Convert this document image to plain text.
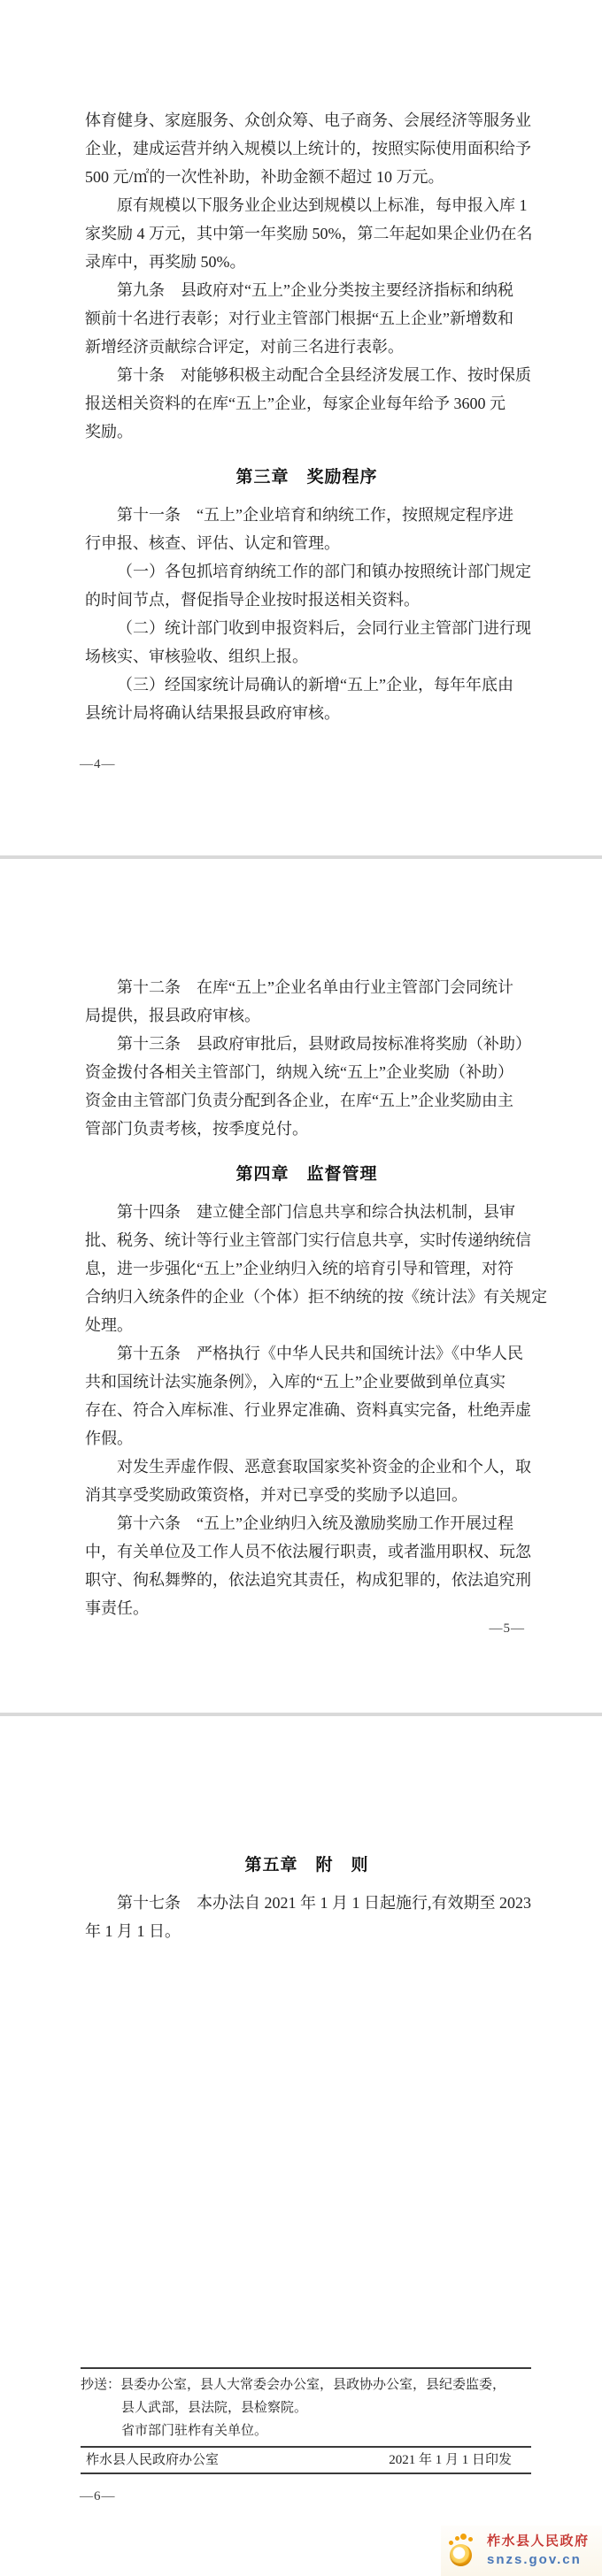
体育健身、家庭服务、众创众筹、电子商务、会展经济等服务业
企业，建成运营并纳入规模以上统计的，按照实际使用面积给予
500 元/㎡的一次性补助，补助金额不超过 10 万元。
原有规模以下服务业企业达到规模以上标准，每申报入库 1
家奖励 4 万元，其中第一年奖励 50%，第二年起如果企业仍在名
录库中，再奖励 50%。
第九条　县政府对“五上”企业分类按主要经济指标和纳税
额前十名进行表彰；对行业主管部门根据“五上企业”新增数和
新增经济贡献综合评定，对前三名进行表彰。
第十条　对能够积极主动配合全县经济发展工作、按时保质
报送相关资料的在库“五上”企业，每家企业每年给予 3600 元
奖励。
第三章　奖励程序
第十一条　“五上”企业培育和纳统工作，按照规定程序进
行申报、核查、评估、认定和管理。
（一）各包抓培育纳统工作的部门和镇办按照统计部门规定
的时间节点，督促指导企业按时报送相关资料。
（二）统计部门收到申报资料后，会同行业主管部门进行现
场核实、审核验收、组织上报。
（三）经国家统计局确认的新增“五上”企业，每年年底由
县统计局将确认结果报县政府审核。
—4—
第十二条　在库“五上”企业名单由行业主管部门会同统计
局提供，报县政府审核。
第十三条　县政府审批后，县财政局按标准将奖励（补助）
资金拨付各相关主管部门，纳规入统“五上”企业奖励（补助）
资金由主管部门负责分配到各企业，在库“五上”企业奖励由主
管部门负责考核，按季度兑付。
第四章　监督管理
第十四条　建立健全部门信息共享和综合执法机制，县审
批、税务、统计等行业主管部门实行信息共享，实时传递纳统信
息，进一步强化“五上”企业纳归入统的培育引导和管理，对符
合纳归入统条件的企业（个体）拒不纳统的按《统计法》有关规定
处理。
第十五条　严格执行《中华人民共和国统计法》《中华人民
共和国统计法实施条例》，入库的“五上”企业要做到单位真实
存在、符合入库标准、行业界定准确、资料真实完备，杜绝弄虚
作假。
对发生弄虚作假、恶意套取国家奖补资金的企业和个人，取
消其享受奖励政策资格，并对已享受的奖励予以追回。
第十六条　“五上”企业纳归入统及激励奖励工作开展过程
中，有关单位及工作人员不依法履行职责，或者滥用职权、玩忽
职守、徇私舞弊的，依法追究其责任，构成犯罪的，依法追究刑
事责任。
—5—
第五章　附　则
第十七条　本办法自 2021 年 1 月 1 日起施行,有效期至 2023
年 1 月 1 日。
—6—
抄送：县委办公室，县人大常委会办公室，县政协办公室，县纪委监委，
县人武部，县法院，县检察院。
省市部门驻柞有关单位。
柞水县人民政府办公室	2021 年 1 月 1 日印发
柞水县人民政府
snzs.gov.cn
